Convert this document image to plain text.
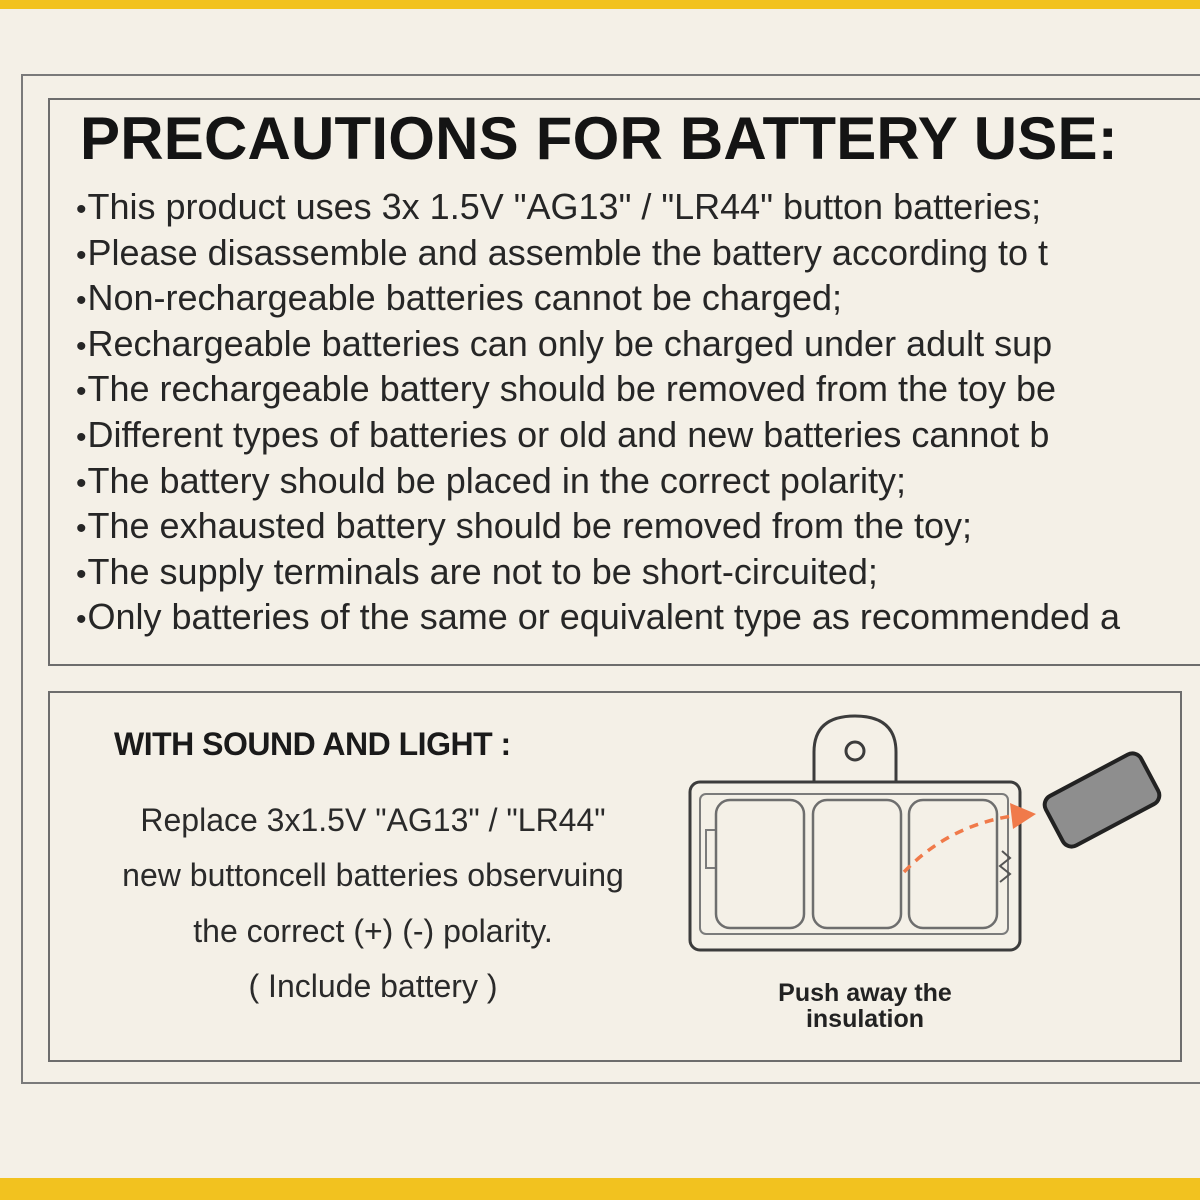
PRECAUTIONS FOR BATTERY USE:
•This product uses 3x 1.5V "AG13" / "LR44" button batteries;
•Please disassemble and assemble the battery according to t
•Non-rechargeable batteries cannot be charged;
•Rechargeable batteries can only be charged under adult sup
•The rechargeable battery should be removed from the toy be
•Different types of batteries or old and new batteries cannot b
•The battery should be placed in the correct polarity;
•The exhausted battery should be removed from the toy;
•The supply terminals are not to be short-circuited;
•Only batteries of the same or equivalent type as recommended a
WITH SOUND AND LIGHT :

Replace 3x1.5V "AG13" / "LR44"

new buttoncell batteries observuing

the correct (+) (-) polarity.

( Include battery )	Push away the
insulation
